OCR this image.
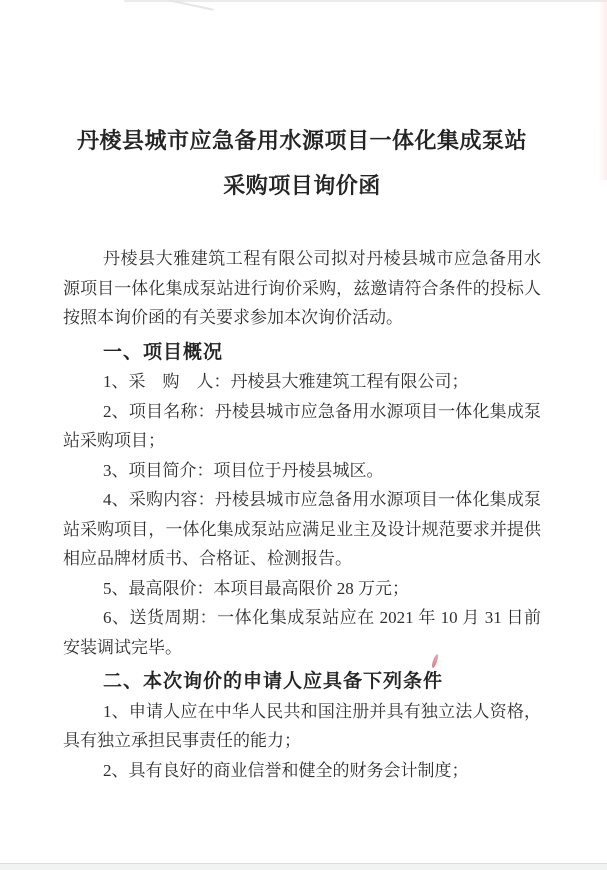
丹棱县城市应急备用水源项目一体化集成泵站
采购项目询价函

丹棱县大雅建筑工程有限公司拟对丹棱县城市应急备用水源项目一体化集成泵站进行询价采购，兹邀请符合条件的投标人按照本询价函的有关要求参加本次询价活动。

一、项目概况

1、采　购　人：丹棱县大雅建筑工程有限公司；

2、项目名称：丹棱县城市应急备用水源项目一体化集成泵站采购项目；

3、项目简介：项目位于丹棱县城区。

4、采购内容：丹棱县城市应急备用水源项目一体化集成泵站采购项目，一体化集成泵站应满足业主及设计规范要求并提供相应品牌材质书、合格证、检测报告。

5、最高限价：本项目最高限价 28 万元；

6、送货周期：一体化集成泵站应在 2021 年 10 月 31 日前安装调试完毕。

二、本次询价的申请人应具备下列条件

1、申请人应在中华人民共和国注册并具有独立法人资格，具有独立承担民事责任的能力；

2、具有良好的商业信誉和健全的财务会计制度；
